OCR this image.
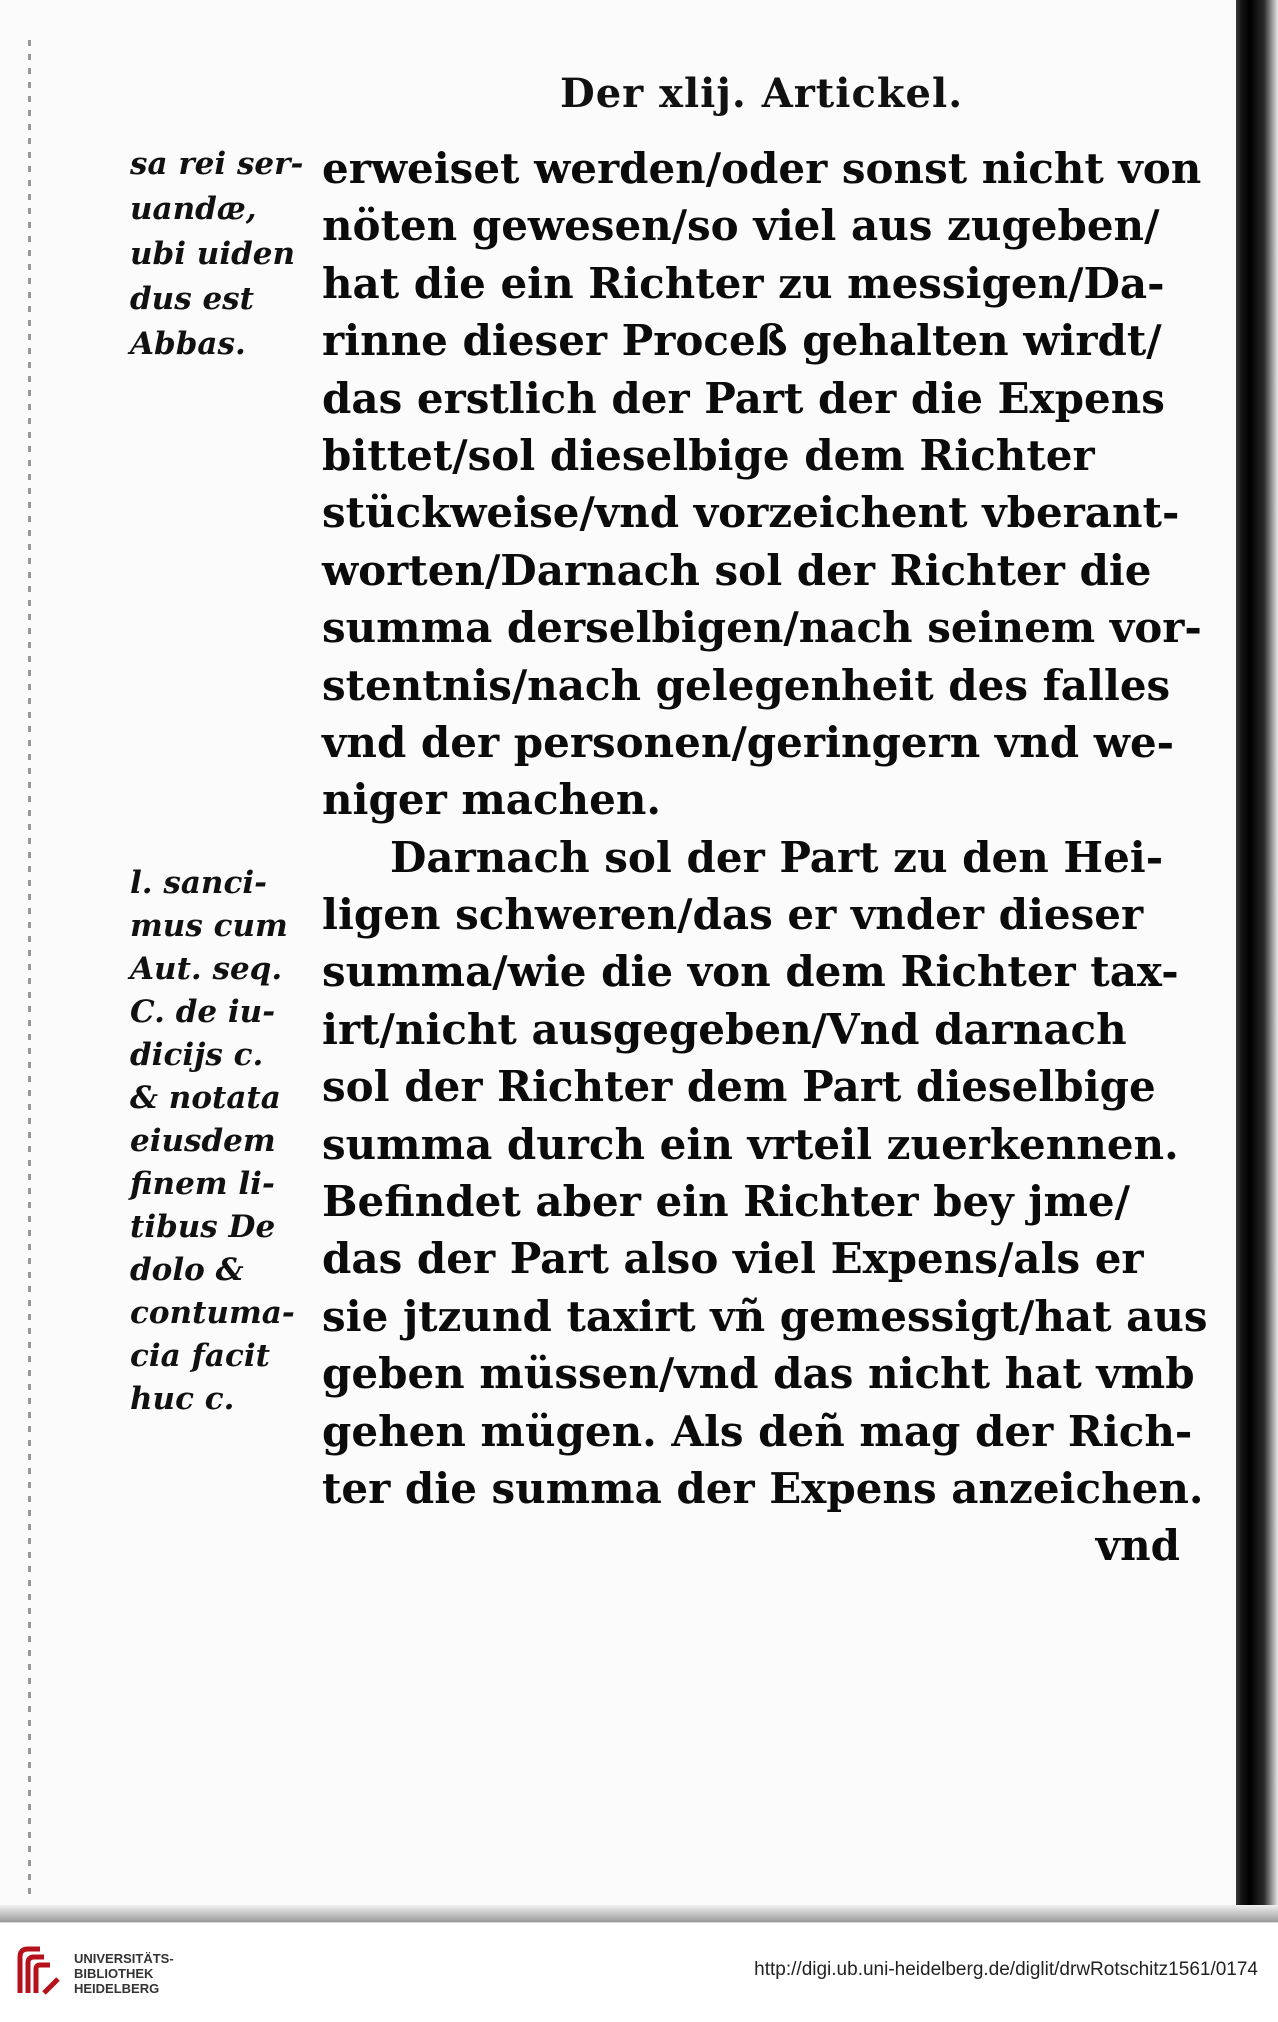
Der xlij. Artickel.
sa rei ser-
uandæ,
ubi uiden
dus est
Abbas.
l. sanci-
mus cum
Aut. seq.
C. de iu-
dicijs c.
& notata
eiusdem
finem li-
tibus De
dolo &
contuma-
cia facit
huc c.
erweiset werden/oder sonst nicht von
nöten gewesen/so viel aus zugeben/
hat die ein Richter zu messigen/Da-
rinne dieser Proceß gehalten wirdt/
das erstlich der Part der die Expens
bittet/sol dieselbige dem Richter
stückweise/vnd vorzeichent vberant-
worten/Darnach sol der Richter die
summa derselbigen/nach seinem vor-
stentnis/nach gelegenheit des falles
vnd der personen/geringern vnd we-
niger machen.
Darnach sol der Part zu den Hei-
ligen schweren/das er vnder dieser
summa/wie die von dem Richter tax-
irt/nicht ausgegeben/Vnd darnach
sol der Richter dem Part dieselbige
summa durch ein vrteil zuerkennen.
Befindet aber ein Richter bey jme/
das der Part also viel Expens/als er
sie jtzund taxirt vñ gemessigt/hat aus
geben müssen/vnd das nicht hat vmb
gehen mügen. Als deñ mag der Rich-
ter die summa der Expens anzeichen.
vnd
UNIVERSITÄTS-
BIBLIOTHEK
HEIDELBERG
http://digi.ub.uni-heidelberg.de/diglit/drwRotschitz1561/0174
